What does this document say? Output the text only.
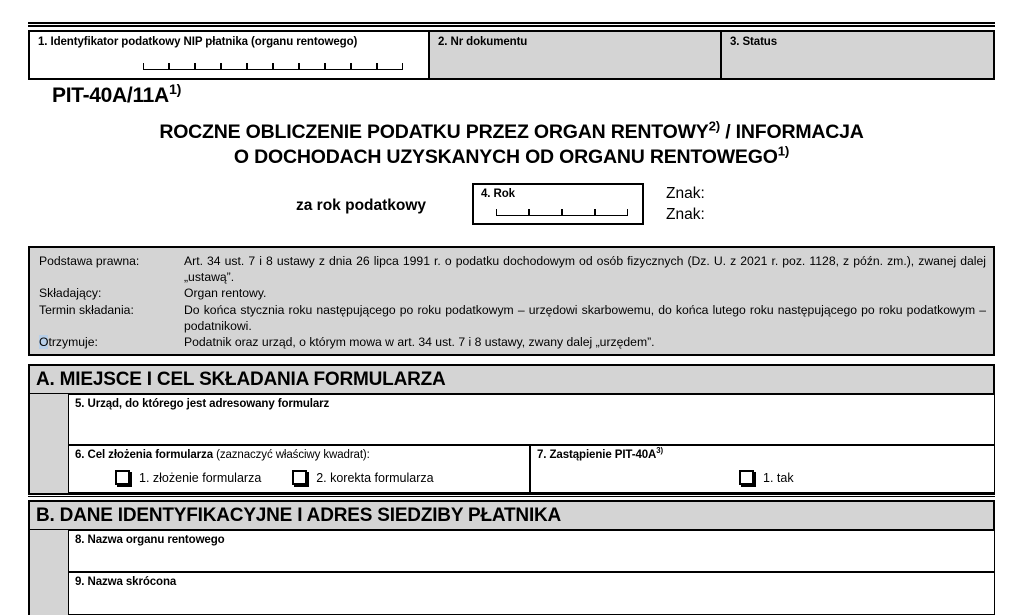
1. Identyfikator podatkowy NIP płatnika (organu rentowego)	2. Nr dokumentu	3. Status
PIT-$40A/11A^{1)}$
ROCZNE OBLICZENIE PODATKU PRZEZ ORGAN RENTOWY$^{2)}$ / INFORMACJA
O DOCHODACH UZYSKANYCH OD ORGANU RENTOWEGO$^{1)}$
za rok podatkowy
4. Rok	Znak:
Znak:
Podstawa prawna:	Art. 34 ust. 7 i 8 ustawy z dnia 26 lipca 1991 r. o podatku dochodowym od osób fizycznych (Dz. U. z 2021 r. poz. 1128, z późn. zm.), zwanej dalej „ustawą”.
Składający:	Organ rentowy.
Termin składania:	Do końca stycznia roku następującego po roku podatkowym – urzędowi skarbowemu, do końca lutego roku następującego po roku podatkowym – podatnikowi.
Otrzymuje:	Podatnik oraz urząd, o którym mowa w art. 34 ust. 7 i 8 ustawy, zwany dalej „urzędem”.
A. MIEJSCE I CEL SKŁADANIA FORMULARZA
5. Urząd, do którego jest adresowany formularz
6. Cel złożenia formularza (zaznaczyć właściwy kwadrat):
1. złożenie formularza	2. korekta formularza
7. Zastąpienie PIT-$40A^{3)}$
1. tak
B. DANE IDENTYFIKACYJNE I ADRES SIEDZIBY PŁATNIKA
8. Nazwa organu rentowego
9. Nazwa skrócona
